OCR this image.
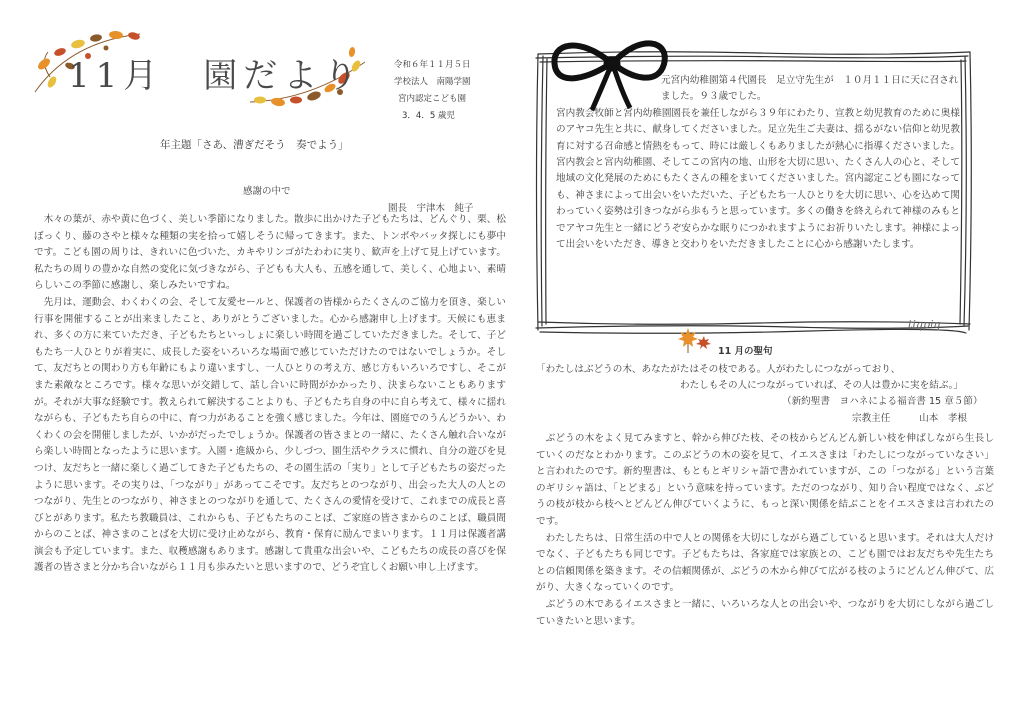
11月　園だより	令和６年１１月５日
学校法人　南陽学園
宮内認定こども園
3．4．5 歳児
年主題「さあ、漕ぎだそう　奏でよう」
感謝の中で
園長　宇津木　純子

木々の葉が、赤や黄に色づく、美しい季節になりました。散歩に出かけた子どもたちは、どんぐり、栗、松ぼっくり、藤のさやと様々な種類の実を拾って嬉しそうに帰ってきます。また、トンボやバッタ探しにも夢中です。こども園の周りは、きれいに色づいた、カキやリンゴがたわわに実り、歓声を上げて見上げています。私たちの周りの豊かな自然の変化に気づきながら、子どもも大人も、五感を通して、美しく、心地よい、素晴らしいこの季節に感謝し、楽しみたいですね。

先月は、運動会、わくわくの会、そして友愛セールと、保護者の皆様からたくさんのご協力を頂き、楽しい行事を開催することが出来ましたこと、ありがとうございました。心から感謝申し上げます。天候にも恵まれ、多くの方に来ていただき、子どもたちといっしょに楽しい時間を過ごしていただきました。そして、子どもたち一人ひとりが着実に、成長した姿をいろいろな場面で感じていただけたのではないでしょうか。そして、友だちとの関わり方も年齢にもより違いますし、一人ひとりの考え方、感じ方もいろいろですし、そこがまた素敵なところです。様々な思いが交錯して、話し合いに時間がかかったり、決まらないこともありますが。それが大事な経験です。教えられて解決することよりも、子どもたち自身の中に自ら考えて、様々に揺れながらも、子どもたち自らの中に、育つ力があることを強く感じました。今年は、園庭でのうんどうかい、わくわくの会を開催しましたが、いかがだったでしょうか。保護者の皆さまとの一緒に、たくさん触れ合いながら楽しい時間となったように思います。入園・進級から、少しづつ、園生活やクラスに慣れ、自分の遊びを見つけ、友だちと一緒に楽しく過ごしてきた子どもたちの、その園生活の「実り」として子どもたちの姿だったように思います。その実りは、「つながり」があってこそです。友だちとのつながり、出会った大人の人とのつながり、先生とのつながり、神さまとのつながりを通して、たくさんの愛情を受けて、これまでの成長と喜びとがあります。私たち教職員は、これからも、子どもたちのことば、ご家庭の皆さまからのことば、職員間からのことば、神さまのことばを大切に受け止めながら、教育・保育に励んでまいります。１１月は保護者講演会も予定しています。また、収穫感謝もあります。感謝して貴重な出会いや、こどもたちの成長の喜びを保護者の皆さまと分かち合いながら１１月も歩みたいと思いますので、どうぞ宜しくお願い申し上げます。

元宮内幼稚園第４代園長　足立守先生が　１０月１１日に天に召され　ました。９３歳でした。

宮内教会牧師と宮内幼稚園園長を兼任しながら３９年にわたり、宣教と幼児教育のために奥様のアヤコ先生と共に、献身してくださいました。足立先生ご夫妻は、揺るがない信仰と幼児教育に対する召命感と情熱をもって、時には厳しくもありましたが熱心に指導くださいました。宮内教会と宮内幼稚園、そしてこの宮内の地、山形を大切に思い、たくさん人の心と、そして地域の文化発展のためにもたくさんの種をまいてくださいました。宮内認定こども園になっても、神さまによって出会いをいただいた、子どもたち一人ひとりを大切に思い、心を込めて関わっていく姿勢は引きつながら歩もうと思っています。多くの働きを終えられて神様のみもとでアヤコ先生と一緒にどうぞ安らかな眠りにつかれますようにお祈りいたします。神様によって出会いをいただき、導きと交わりをいただきましたことに心から感謝いたします。

tiqpiq
11 月の聖句
「わたしはぶどうの木、あなたがたはその枝である。人がわたしにつながっており、
わたしもその人につながっていれば、その人は豊かに実を結ぶ。」
（新約聖書　ヨハネによる福音書 15 章５節）
宗教主任　　　山本　孝根

ぶどうの木をよく見てみますと、幹から伸びた枝、その枝からどんどん新しい枝を伸ばしながら生長していくのだなとわかります。このぶどうの木の姿を見て、イエスさまは「わたしにつながっていなさい」と言われたのです。新約聖書は、もともとギリシャ語で書かれていますが、この「つながる」という言葉のギリシャ語は、「とどまる」という意味を持っています。ただのつながり、知り合い程度ではなく、ぶどうの枝が枝から枝へとどんどん伸びていくように、もっと深い関係を結ぶことをイエスさまは言われたのです。

わたしたちは、日常生活の中で人との関係を大切にしながら過ごしていると思います。それは大人だけでなく、子どもたちも同じです。子どもたちは、各家庭では家族との、こども園ではお友だちや先生たちとの信頼関係を築きます。その信頼関係が、ぶどうの木から伸びて広がる枝のようにどんどん伸びて、広がり、大きくなっていくのです。

ぶどうの木であるイエスさまと一緒に、いろいろな人との出会いや、つながりを大切にしながら過ごしていきたいと思います。
